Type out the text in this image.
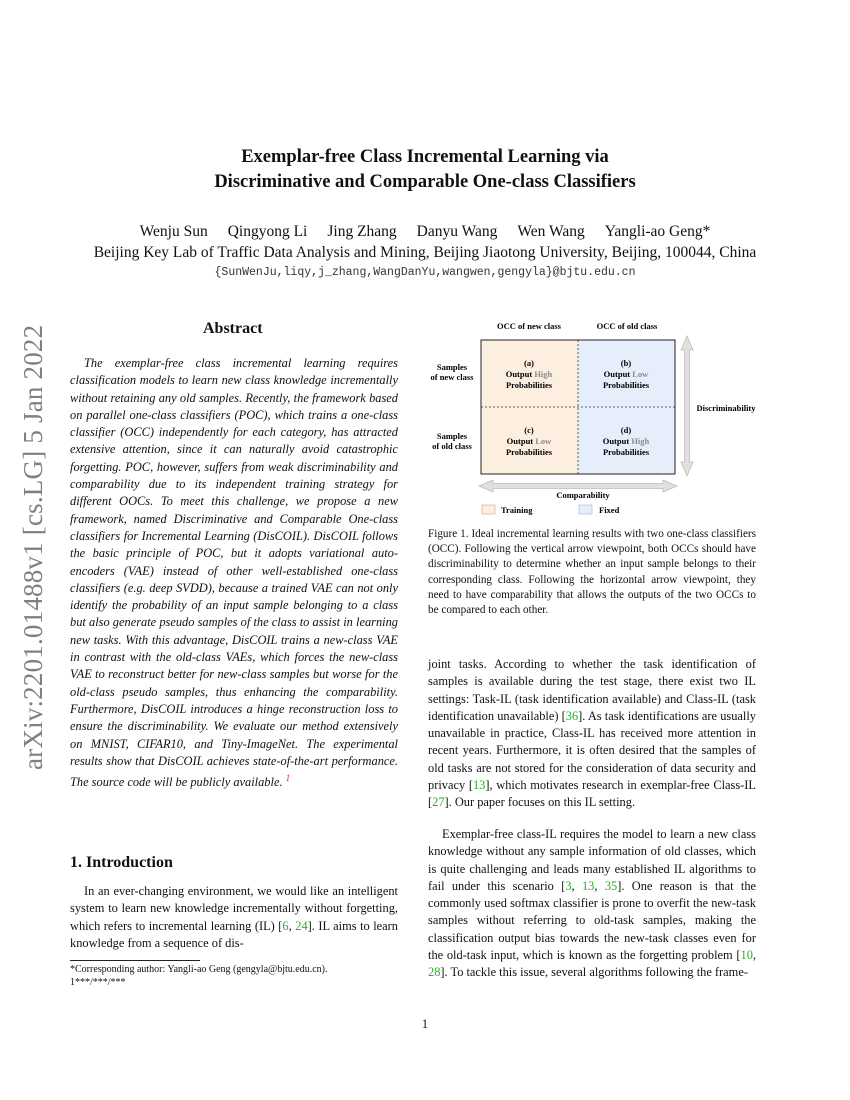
arXiv:2201.01488v1 [cs.LG] 5 Jan 2022
Exemplar-free Class Incremental Learning via
Discriminative and Comparable One-class Classifiers
Wenju Sun Qingyong Li Jing Zhang Danyu Wang Wen Wang Yangli-ao Geng*
Beijing Key Lab of Traffic Data Analysis and Mining, Beijing Jiaotong University, Beijing, 100044, China
{SunWenJu,liqy,j_zhang,WangDanYu,wangwen,gengyla}@bjtu.edu.cn
Abstract
The exemplar-free class incremental learning requires classification models to learn new class knowledge incrementally without retaining any old samples. Recently, the framework based on parallel one-class classifiers (POC), which trains a one-class classifier (OCC) independently for each category, has attracted extensive attention, since it can naturally avoid catastrophic forgetting. POC, however, suffers from weak discriminability and comparability due to its independent training strategy for different OOCs. To meet this challenge, we propose a new framework, named Discriminative and Comparable One-class classifiers for Incremental Learning (DisCOIL). DisCOIL follows the basic principle of POC, but it adopts variational auto-encoders (VAE) instead of other well-established one-class classifiers (e.g. deep SVDD), because a trained VAE can not only identify the probability of an input sample belonging to a class but also generate pseudo samples of the class to assist in learning new tasks. With this advantage, DisCOIL trains a new-class VAE in contrast with the old-class VAEs, which forces the new-class VAE to reconstruct better for new-class samples but worse for the old-class pseudo samples, thus enhancing the comparability. Furthermore, DisCOIL introduces a hinge reconstruction loss to ensure the discriminability. We evaluate our method extensively on MNIST, CIFAR10, and Tiny-ImageNet. The experimental results show that DisCOIL achieves state-of-the-art performance. The source code will be publicly available. $^1$
1. Introduction
In an ever-changing environment, we would like an intelligent system to learn new knowledge incrementally without forgetting, which refers to incremental learning (IL) [6, 24]. IL aims to learn knowledge from a sequence of dis-
*Corresponding author: Yangli-ao Geng (gengyla@bjtu.edu.cn).
1***/***/***
OCC of new class	OCC of old class
Samples
of new class
Samples
of old class
(a)
Output High
Probabilities
(b)
Output Low
Probabilities
(c)
Output Low
Probabilities
(d)
Output High
Probabilities
Discriminability
Comparability
Training	Fixed
Figure 1. Ideal incremental learning results with two one-class classifiers (OCC). Following the vertical arrow viewpoint, both OCCs should have discriminability to determine whether an input sample belongs to their corresponding class. Following the horizontal arrow viewpoint, they need to have comparability that allows the outputs of the two OCCs to be compared to each other.
joint tasks. According to whether the task identification of samples is available during the test stage, there exist two IL settings: Task-IL (task identification available) and Class-IL (task identification unavailable) [36]. As task identifications are usually unavailable in practice, Class-IL has received more attention in recent years. Furthermore, it is often desired that the samples of old tasks are not stored for the consideration of data security and privacy [13], which motivates research in exemplar-free Class-IL [27]. Our paper focuses on this IL setting.
Exemplar-free class-IL requires the model to learn a new class knowledge without any sample information of old classes, which is quite challenging and leads many established IL algorithms to fail under this scenario [3, 13, 35]. One reason is that the commonly used softmax classifier is prone to overfit the new-task samples without referring to old-task samples, making the classification output bias towards the new-task classes even for the old-task input, which is known as the forgetting problem [10, 28]. To tackle this issue, several algorithms following the frame-
1
